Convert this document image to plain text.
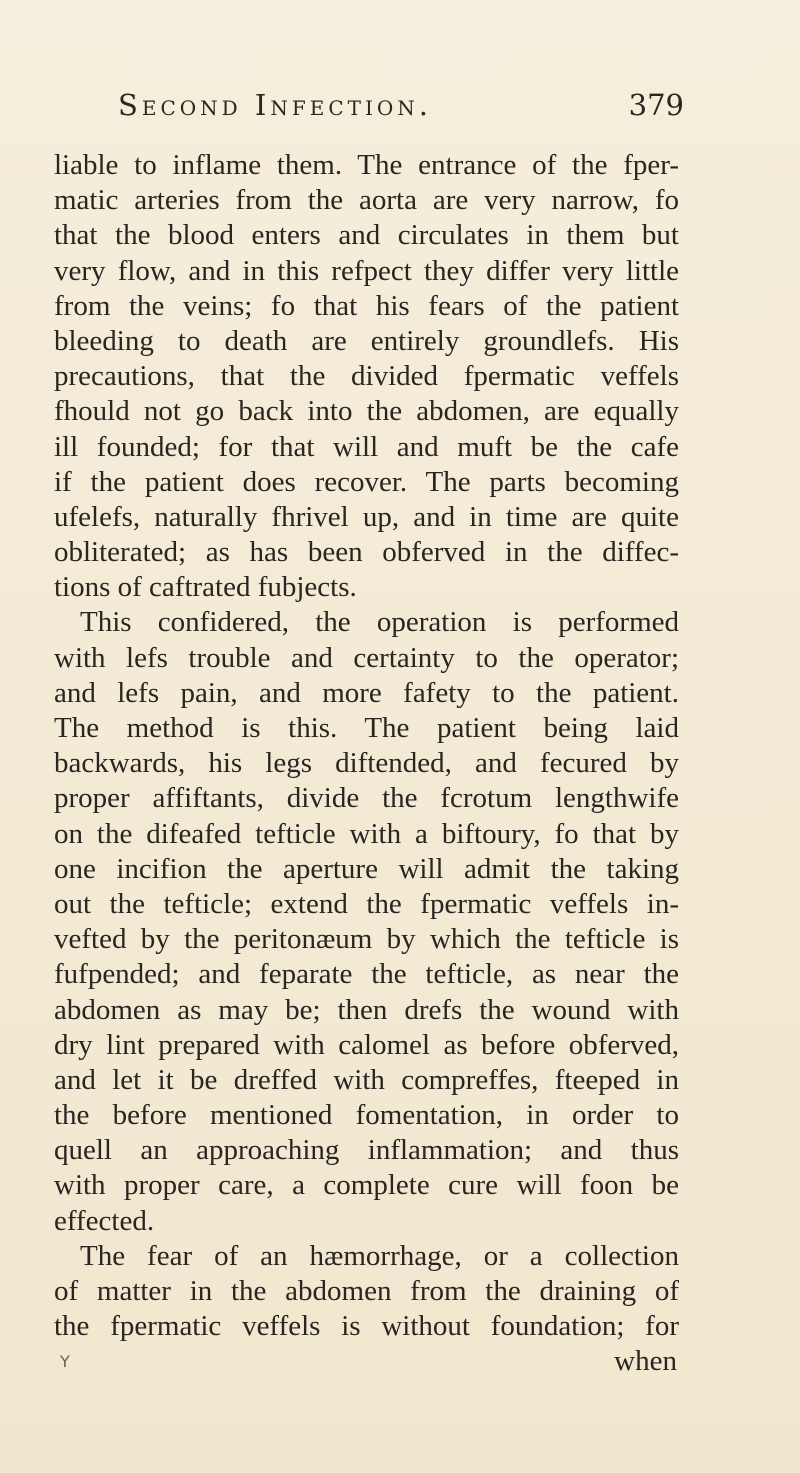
Second Infection.	379
liable to inflame them. The entrance of the fper-
matic arteries from the aorta are very narrow, fo
that the blood enters and circulates in them but
very flow, and in this refpect they differ very little
from the veins; fo that his fears of the patient
bleeding to death are entirely groundlefs. His
precautions, that the divided fpermatic veffels
fhould not go back into the abdomen, are equally
ill founded; for that will and muft be the cafe
if the patient does recover. The parts becoming
ufelefs, naturally fhrivel up, and in time are quite
obliterated; as has been obferved in the diffec-
tions of caftrated fubjects.
This confidered, the operation is performed
with lefs trouble and certainty to the operator;
and lefs pain, and more fafety to the patient.
The method is this. The patient being laid
backwards, his legs diftended, and fecured by
proper affiftants, divide the fcrotum lengthwife
on the difeafed tefticle with a biftoury, fo that by
one incifion the aperture will admit the taking
out the tefticle; extend the fpermatic veffels in-
vefted by the peritonæum by which the tefticle is
fufpended; and feparate the tefticle, as near the
abdomen as may be; then drefs the wound with
dry lint prepared with calomel as before obferved,
and let it be dreffed with compreffes, fteeped in
the before mentioned fomentation, in order to
quell an approaching inflammation; and thus
with proper care, a complete cure will foon be
effected.
The fear of an hæmorrhage, or a collection
of matter in the abdomen from the draining of
the fpermatic veffels is without foundation; for
when
Y
